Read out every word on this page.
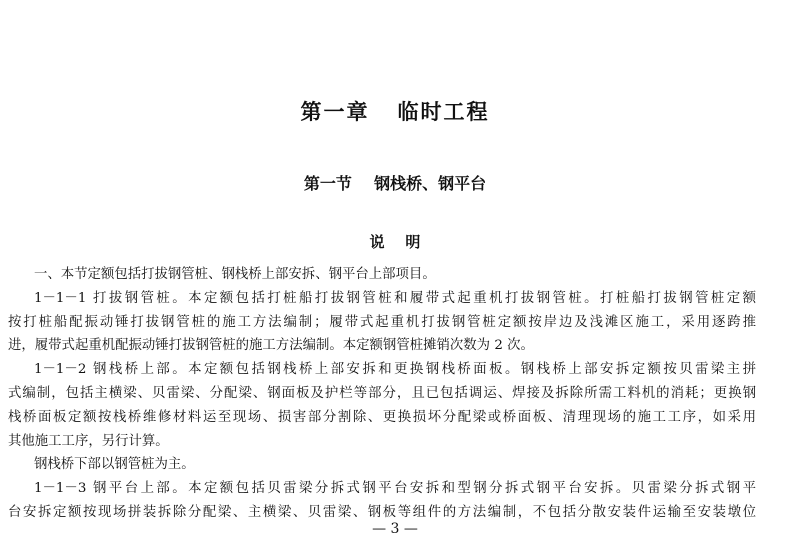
第一章   临时工程
第一节    钢栈桥、钢平台
说    明
一、本节定额包括打拔钢管桩、钢栈桥上部安拆、钢平台上部项目。
1－1－1 打拔钢管桩。本定额包括打桩船打拔钢管桩和履带式起重机打拔钢管桩。打桩船打拔钢管桩定额
按打桩船配振动锤打拔钢管桩的施工方法编制；履带式起重机打拔钢管桩定额按岸边及浅滩区施工，采用逐跨推
进，履带式起重机配振动锤打拔钢管桩的施工方法编制。本定额钢管桩摊销次数为 2 次。
1－1－2 钢栈桥上部。本定额包括钢栈桥上部安拆和更换钢栈桥面板。钢栈桥上部安拆定额按贝雷梁主拼
式编制，包括主横梁、贝雷梁、分配梁、钢面板及护栏等部分，且已包括调运、焊接及拆除所需工料机的消耗；更换钢
栈桥面板定额按栈桥维修材料运至现场、损害部分割除、更换损坏分配梁或桥面板、清理现场的施工工序，如采用
其他施工工序，另行计算。
钢栈桥下部以钢管桩为主。
1－1－3 钢平台上部。本定额包括贝雷梁分拆式钢平台安拆和型钢分拆式钢平台安拆。贝雷梁分拆式钢平
台安拆定额按现场拼装拆除分配梁、主横梁、贝雷梁、钢板等组件的方法编制，不包括分散安装件运输至安装墩位
— 3 —
